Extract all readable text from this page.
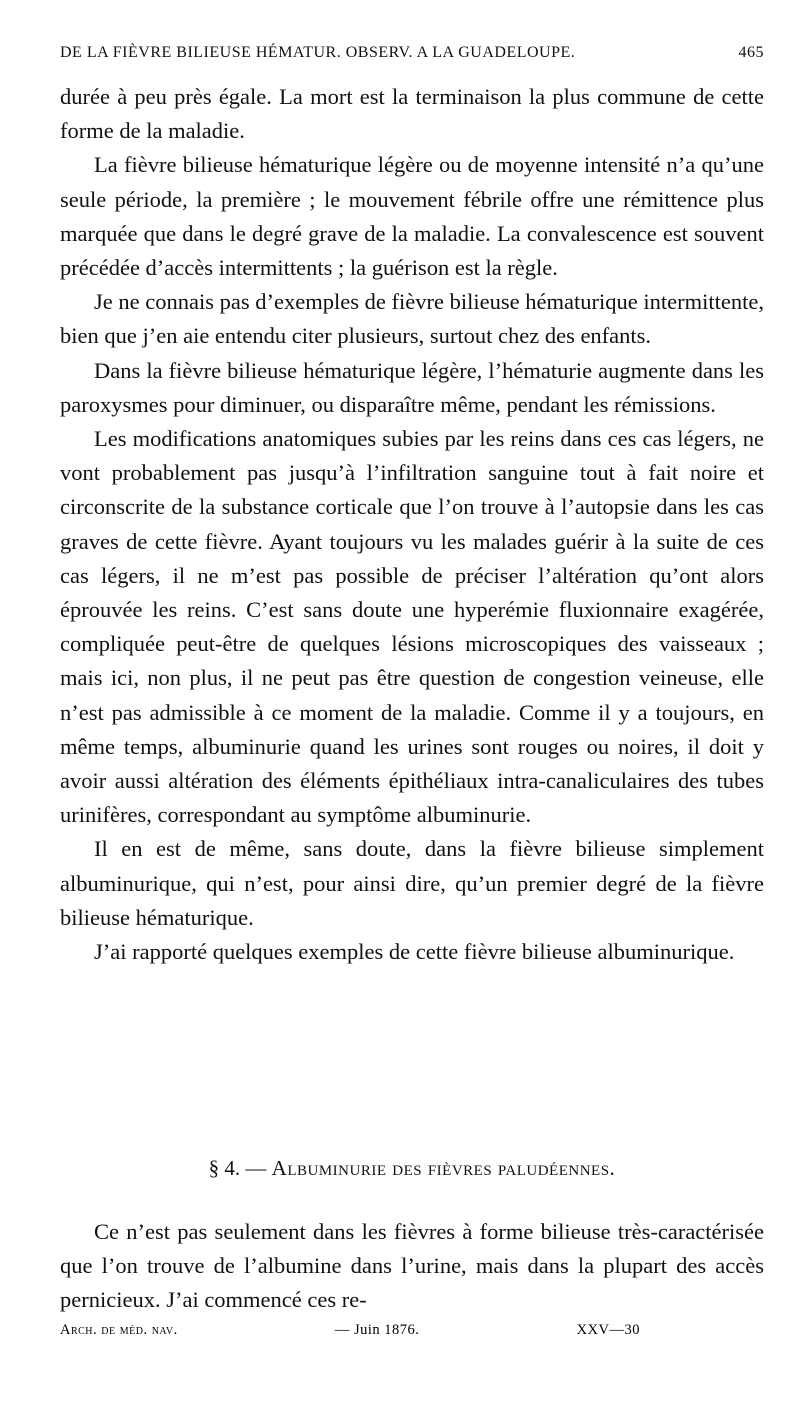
DE LA FIÈVRE BILIEUSE HÉMATUR. OBSERV. A LA GUADELOUPE.	465

durée à peu près égale. La mort est la terminaison la plus commune de cette forme de la maladie.

La fièvre bilieuse hématurique légère ou de moyenne intensité n’a qu’une seule période, la première ; le mouvement fébrile offre une rémittence plus marquée que dans le degré grave de la maladie. La convalescence est souvent précédée d’accès intermittents ; la guérison est la règle.

Je ne connais pas d’exemples de fièvre bilieuse hématurique intermittente, bien que j’en aie entendu citer plusieurs, surtout chez des enfants.

Dans la fièvre bilieuse hématurique légère, l’hématurie augmente dans les paroxysmes pour diminuer, ou disparaître même, pendant les rémissions.

Les modifications anatomiques subies par les reins dans ces cas légers, ne vont probablement pas jusqu’à l’infiltration sanguine tout à fait noire et circonscrite de la substance corticale que l’on trouve à l’autopsie dans les cas graves de cette fièvre. Ayant toujours vu les malades guérir à la suite de ces cas légers, il ne m’est pas possible de préciser l’altération qu’ont alors éprouvée les reins. C’est sans doute une hyperémie fluxionnaire exagérée, compliquée peut-être de quelques lésions microscopiques des vaisseaux ; mais ici, non plus, il ne peut pas être question de congestion veineuse, elle n’est pas admissible à ce moment de la maladie. Comme il y a toujours, en même temps, albuminurie quand les urines sont rouges ou noires, il doit y avoir aussi altération des éléments épithéliaux intra-canaliculaires des tubes urinifères, correspondant au symptôme albuminurie.

Il en est de même, sans doute, dans la fièvre bilieuse simplement albuminurique, qui n’est, pour ainsi dire, qu’un premier degré de la fièvre bilieuse hématurique.

J’ai rapporté quelques exemples de cette fièvre bilieuse albuminurique.

§ 4. — Albuminurie des fièvres paludéennes.

Ce n’est pas seulement dans les fièvres à forme bilieuse très-caractérisée que l’on trouve de l’albumine dans l’urine, mais dans la plupart des accès pernicieux. J’ai commencé ces re-

Arch. de méd. nav.	— Juin 1876.	XXV—30
